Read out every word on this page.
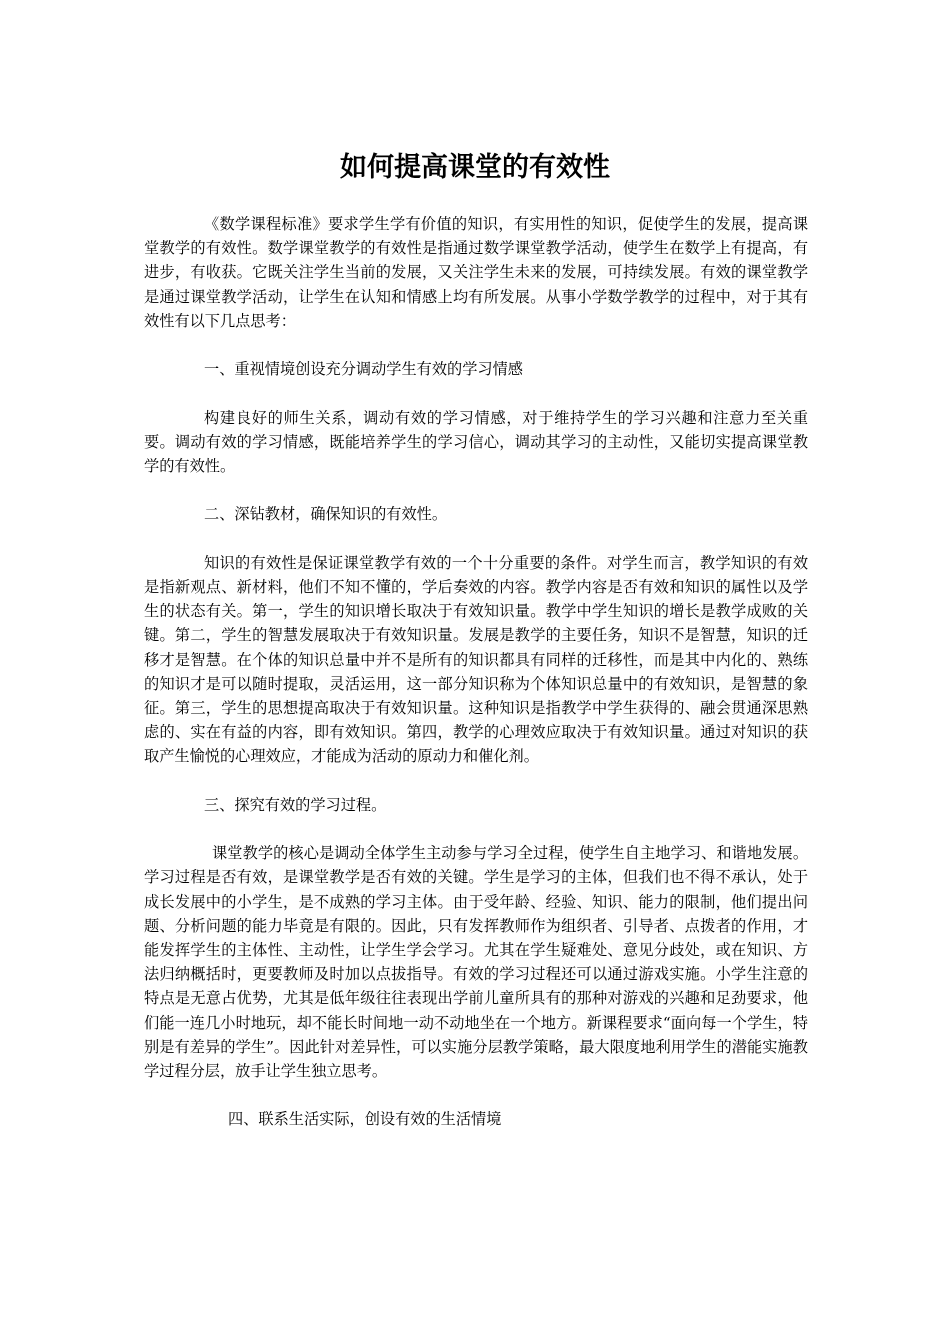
如何提高课堂的有效性

《数学课程标准》要求学生学有价值的知识，有实用性的知识，促使学生的发展，提高课堂教学的有效性。数学课堂教学的有效性是指通过数学课堂教学活动，使学生在数学上有提高，有进步，有收获。它既关注学生当前的发展，又关注学生未来的发展，可持续发展。有效的课堂教学是通过课堂教学活动，让学生在认知和情感上均有所发展。从事小学数学教学的过程中，对于其有效性有以下几点思考：

一、重视情境创设充分调动学生有效的学习情感

构建良好的师生关系，调动有效的学习情感，对于维持学生的学习兴趣和注意力至关重要。调动有效的学习情感，既能培养学生的学习信心，调动其学习的主动性，又能切实提高课堂教学的有效性。

二、深钻教材，确保知识的有效性。

知识的有效性是保证课堂教学有效的一个十分重要的条件。对学生而言，教学知识的有效是指新观点、新材料，他们不知不懂的，学后奏效的内容。教学内容是否有效和知识的属性以及学生的状态有关。第一，学生的知识增长取决于有效知识量。教学中学生知识的增长是教学成败的关键。第二，学生的智慧发展取决于有效知识量。发展是教学的主要任务，知识不是智慧，知识的迁移才是智慧。在个体的知识总量中并不是所有的知识都具有同样的迁移性，而是其中内化的、熟练的知识才是可以随时提取，灵活运用，这一部分知识称为个体知识总量中的有效知识，是智慧的象征。第三，学生的思想提高取决于有效知识量。这种知识是指教学中学生获得的、融会贯通深思熟虑的、实在有益的内容，即有效知识。第四，教学的心理效应取决于有效知识量。通过对知识的获取产生愉悦的心理效应，才能成为活动的原动力和催化剂。

三、探究有效的学习过程。

课堂教学的核心是调动全体学生主动参与学习全过程，使学生自主地学习、和谐地发展。学习过程是否有效，是课堂教学是否有效的关键。学生是学习的主体，但我们也不得不承认，处于成长发展中的小学生，是不成熟的学习主体。由于受年龄、经验、知识、能力的限制，他们提出问题、分析问题的能力毕竟是有限的。因此，只有发挥教师作为组织者、引导者、点拨者的作用，才能发挥学生的主体性、主动性，让学生学会学习。尤其在学生疑难处、意见分歧处，或在知识、方法归纳概括时，更要教师及时加以点拔指导。有效的学习过程还可以通过游戏实施。小学生注意的特点是无意占优势，尤其是低年级往往表现出学前儿童所具有的那种对游戏的兴趣和足劲要求，他们能一连几小时地玩，却不能长时间地一动不动地坐在一个地方。新课程要求“面向每一个学生，特别是有差异的学生”。因此针对差异性，可以实施分层教学策略，最大限度地利用学生的潜能实施教学过程分层，放手让学生独立思考。

四、联系生活实际，创设有效的生活情境
